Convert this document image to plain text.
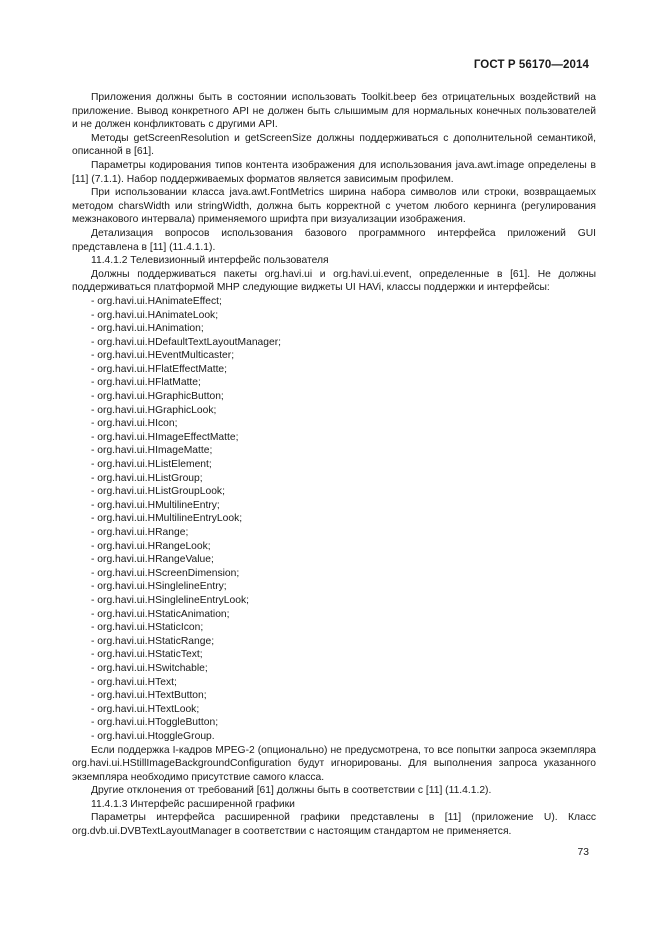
ГОСТ Р 56170—2014

Приложения должны быть в состоянии использовать Toolkit.beep без отрицательных воздействий на приложение. Вывод конкретного API не должен быть слышимым для нормальных конечных пользователей и не должен конфликтовать с другими API.

Методы getScreenResolution и getScreenSize должны поддерживаться с дополнительной семантикой, описанной в [61].

Параметры кодирования типов контента изображения для использования java.awt.image определены в [11] (7.1.1). Набор поддерживаемых форматов является зависимым профилем.

При использовании класса java.awt.FontMetrics ширина набора символов или строки, возвращаемых методом charsWidth или stringWidth, должна быть корректной с учетом любого кернинга (регулирования межзнакового интервала) применяемого шрифта при визуализации изображения.

Детализация вопросов использования базового программного интерфейса приложений GUI представлена в [11] (11.4.1.1).

11.4.1.2 Телевизионный интерфейс пользователя

Должны поддерживаться пакеты org.havi.ui и org.havi.ui.event, определенные в [61]. Не должны поддерживаться платформой МНР следующие виджеты UI HAVi, классы поддержки и интерфейсы:

- org.havi.ui.HAnimateEffect;
- org.havi.ui.HAnimateLook;
- org.havi.ui.HAnimation;
- org.havi.ui.HDefaultTextLayoutManager;
- org.havi.ui.HEventMulticaster;
- org.havi.ui.HFlatEffectMatte;
- org.havi.ui.HFlatMatte;
- org.havi.ui.HGraphicButton;
- org.havi.ui.HGraphicLook;
- org.havi.ui.HIcon;
- org.havi.ui.HImageEffectMatte;
- org.havi.ui.HImageMatte;
- org.havi.ui.HListElement;
- org.havi.ui.HListGroup;
- org.havi.ui.HListGroupLook;
- org.havi.ui.HMultilineEntry;
- org.havi.ui.HMultilineEntryLook;
- org.havi.ui.HRange;
- org.havi.ui.HRangeLook;
- org.havi.ui.HRangeValue;
- org.havi.ui.HScreenDimension;
- org.havi.ui.HSinglelineEntry;
- org.havi.ui.HSinglelineEntryLook;
- org.havi.ui.HStaticAnimation;
- org.havi.ui.HStaticIcon;
- org.havi.ui.HStaticRange;
- org.havi.ui.HStaticText;
- org.havi.ui.HSwitchable;
- org.havi.ui.HText;
- org.havi.ui.HTextButton;
- org.havi.ui.HTextLook;
- org.havi.ui.HToggleButton;
- org.havi.ui.HtoggleGroup.

Если поддержка I-кадров MPEG-2 (опционально) не предусмотрена, то все попытки запроса экземпляра org.havi.ui.HStillImageBackgroundConfiguration будут игнорированы. Для выполнения запроса указанного экземпляра необходимо присутствие самого класса.

Другие отклонения от требований [61] должны быть в соответствии с [11] (11.4.1.2).

11.4.1.3 Интерфейс расширенной графики

Параметры интерфейса расширенной графики представлены в [11] (приложение U). Класс org.dvb.ui.DVBTextLayoutManager в соответствии с настоящим стандартом не применяется.

73
